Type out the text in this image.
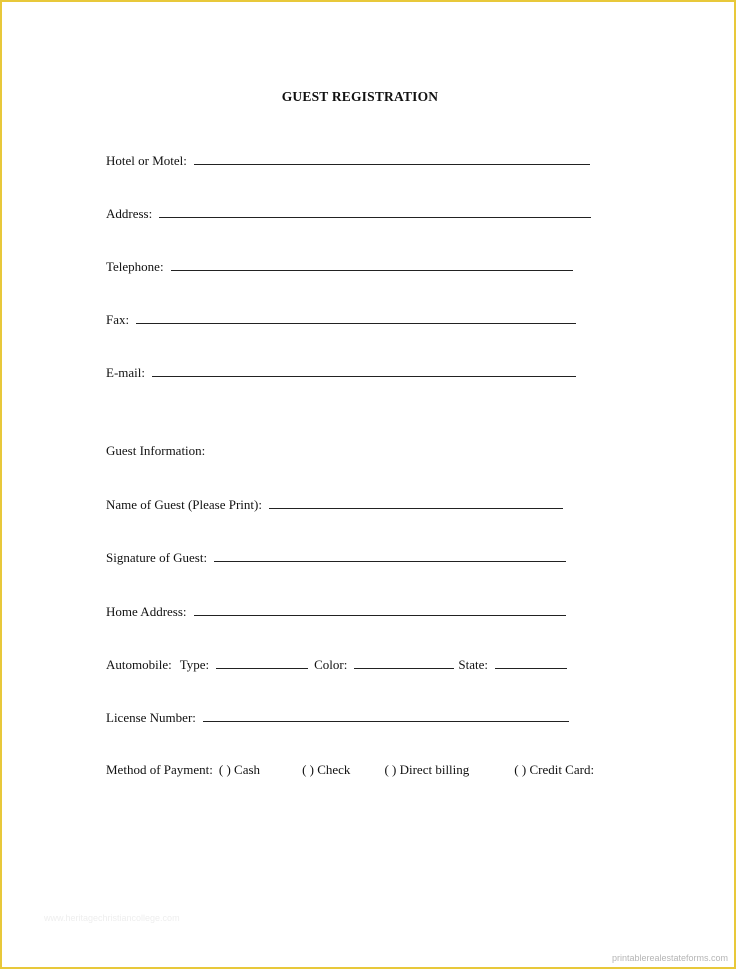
GUEST REGISTRATION
Hotel or Motel:
Address:
Telephone:
Fax:
E-mail:
Guest Information:
Name of Guest (Please Print):
Signature of Guest:
Home Address:
Automobile: Type:	Color:	State:
License Number:
Method of Payment: ( ) Cash	( ) Check	( ) Direct billing	( ) Credit Card:
www.heritagechristiancollege.com
printablerealestateforms.com
